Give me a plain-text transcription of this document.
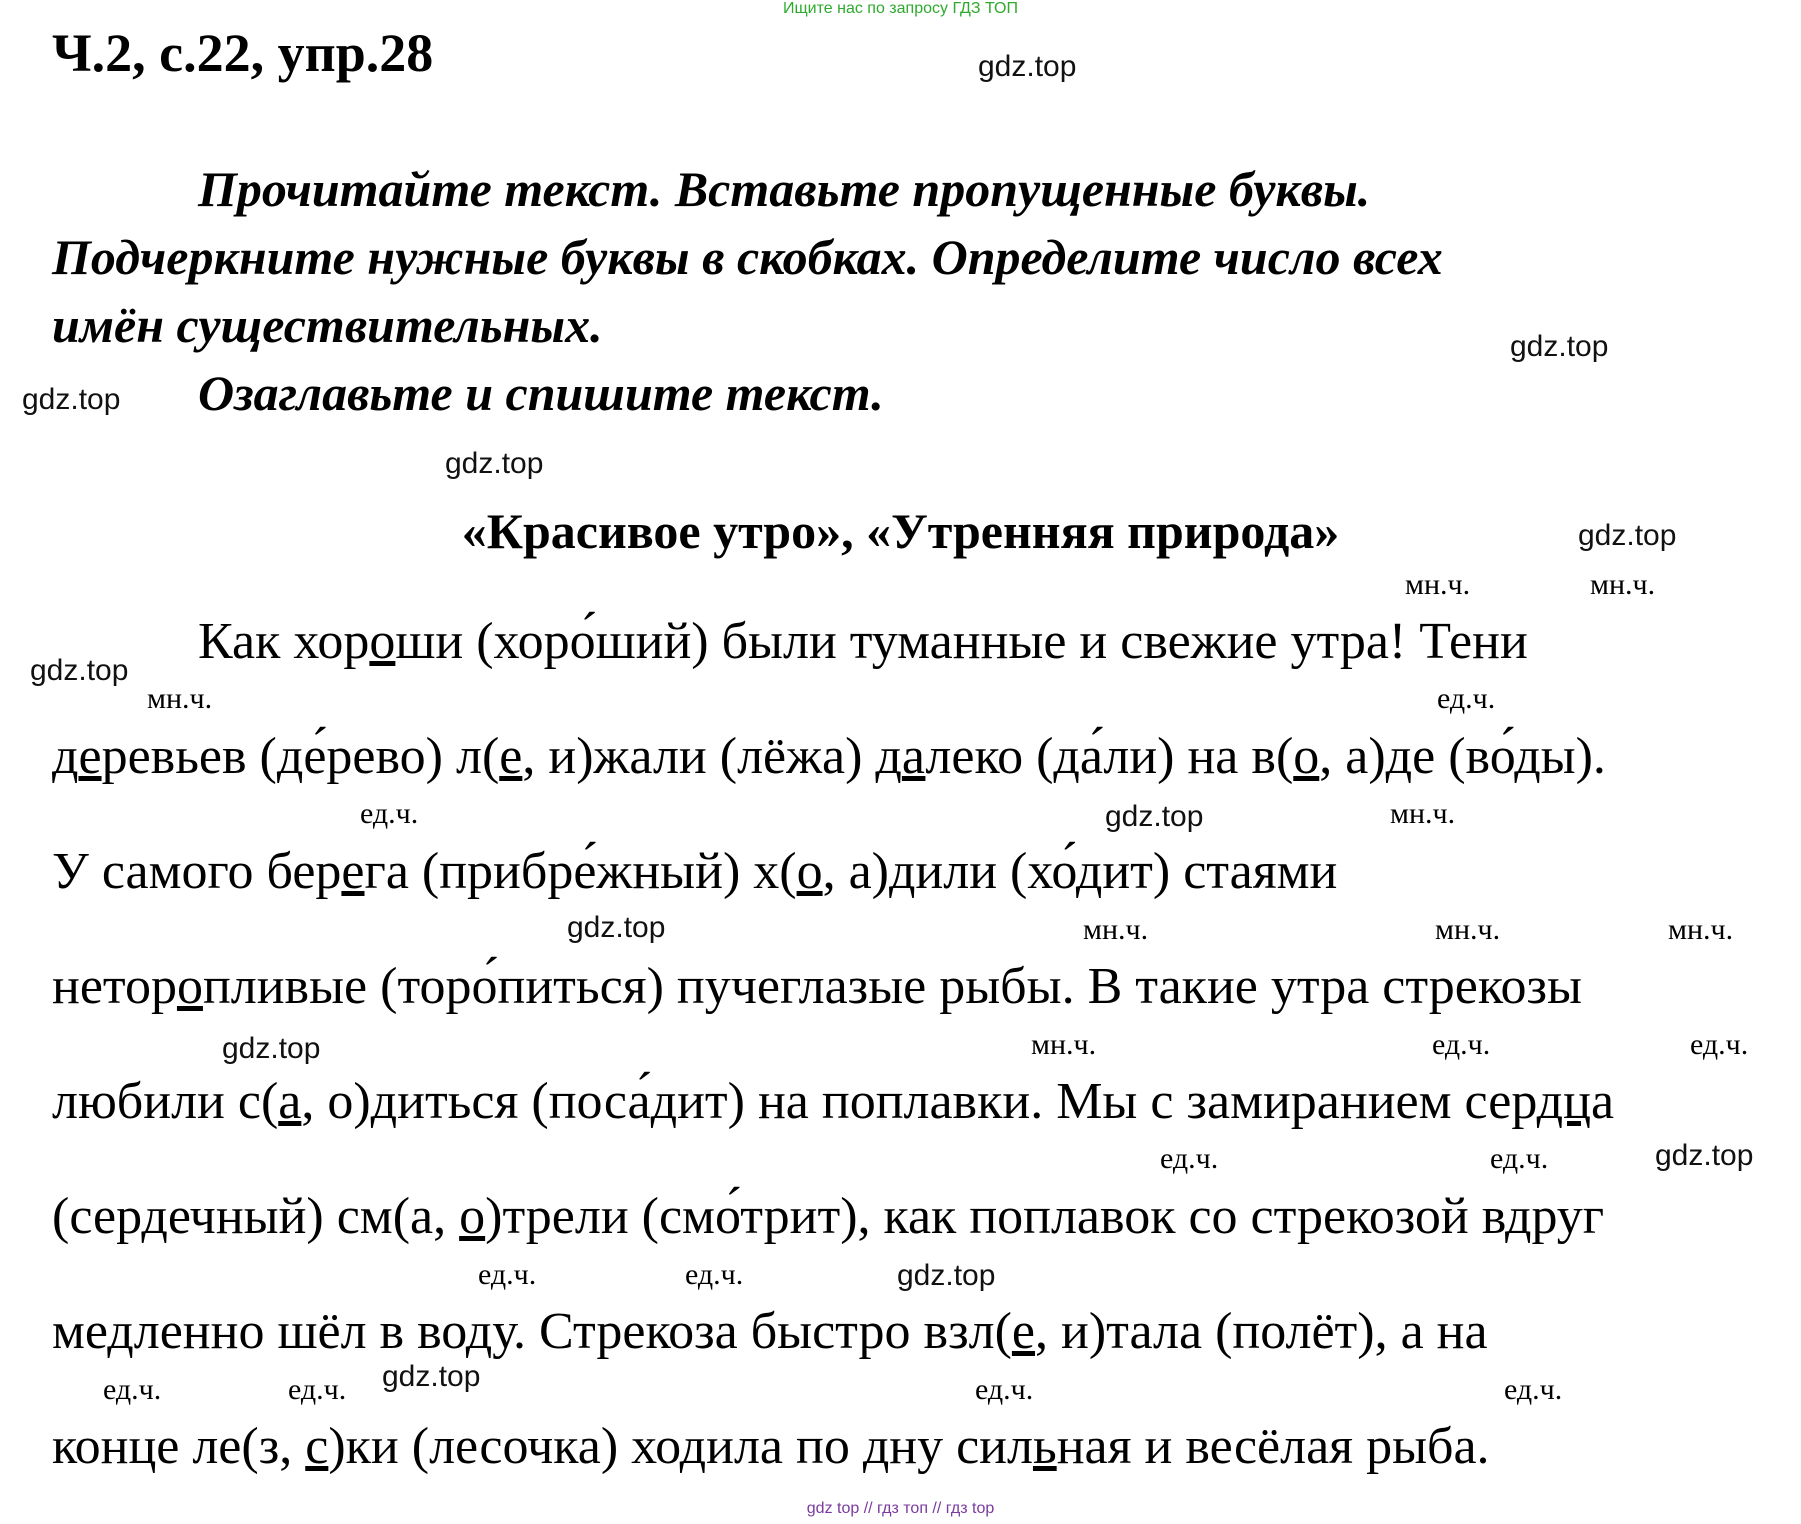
Ищите нас по запросу ГДЗ ТОП
Ч.2, с.22, упр.28	gdz.top
gdz.top
gdz.top
gdz.top
gdz.top
gdz.top
gdz.top
gdz.top
gdz.top
gdz.top
gdz.top
gdz.top
Прочитайте текст. Вставьте пропущенные буквы.
Подчеркните нужные буквы в скобках. Определите число всех
имён существительных.
Озаглавьте и спишите текст.
«Красивое утро», «Утренняя природа»
мн.ч.	мн.ч.
мн.ч.	ед.ч.
ед.ч.	мн.ч.
мн.ч.	мн.ч.	мн.ч.
мн.ч.	ед.ч.	ед.ч.
ед.ч.	ед.ч.
ед.ч.	ед.ч.
ед.ч.	ед.ч.	ед.ч.	ед.ч.
Как хороши (хоро́ший) были туманные и свежие утра! Тени
деревьев (де́рево) л(е, и)жали (лёжа) далеко (да́ли) на в(о, а)де (во́ды).
У самого берега (прибре́жный) х(о, а)дили (хо́дит) стаями
неторопливые (торо́питься) пучеглазые рыбы. В такие утра стрекозы
любили с(а, о)диться (поса́дит) на поплавки. Мы с замиранием сердца
(сердечный) см(а, о)трели (смо́трит), как поплавок со стрекозой вдруг
медленно шёл в воду. Стрекоза быстро взл(е, и)тала (полёт), а на
конце ле(з, с)ки (лесочка) ходила по дну сильная и весёлая рыба.
gdz top // гдз топ // гдз top
